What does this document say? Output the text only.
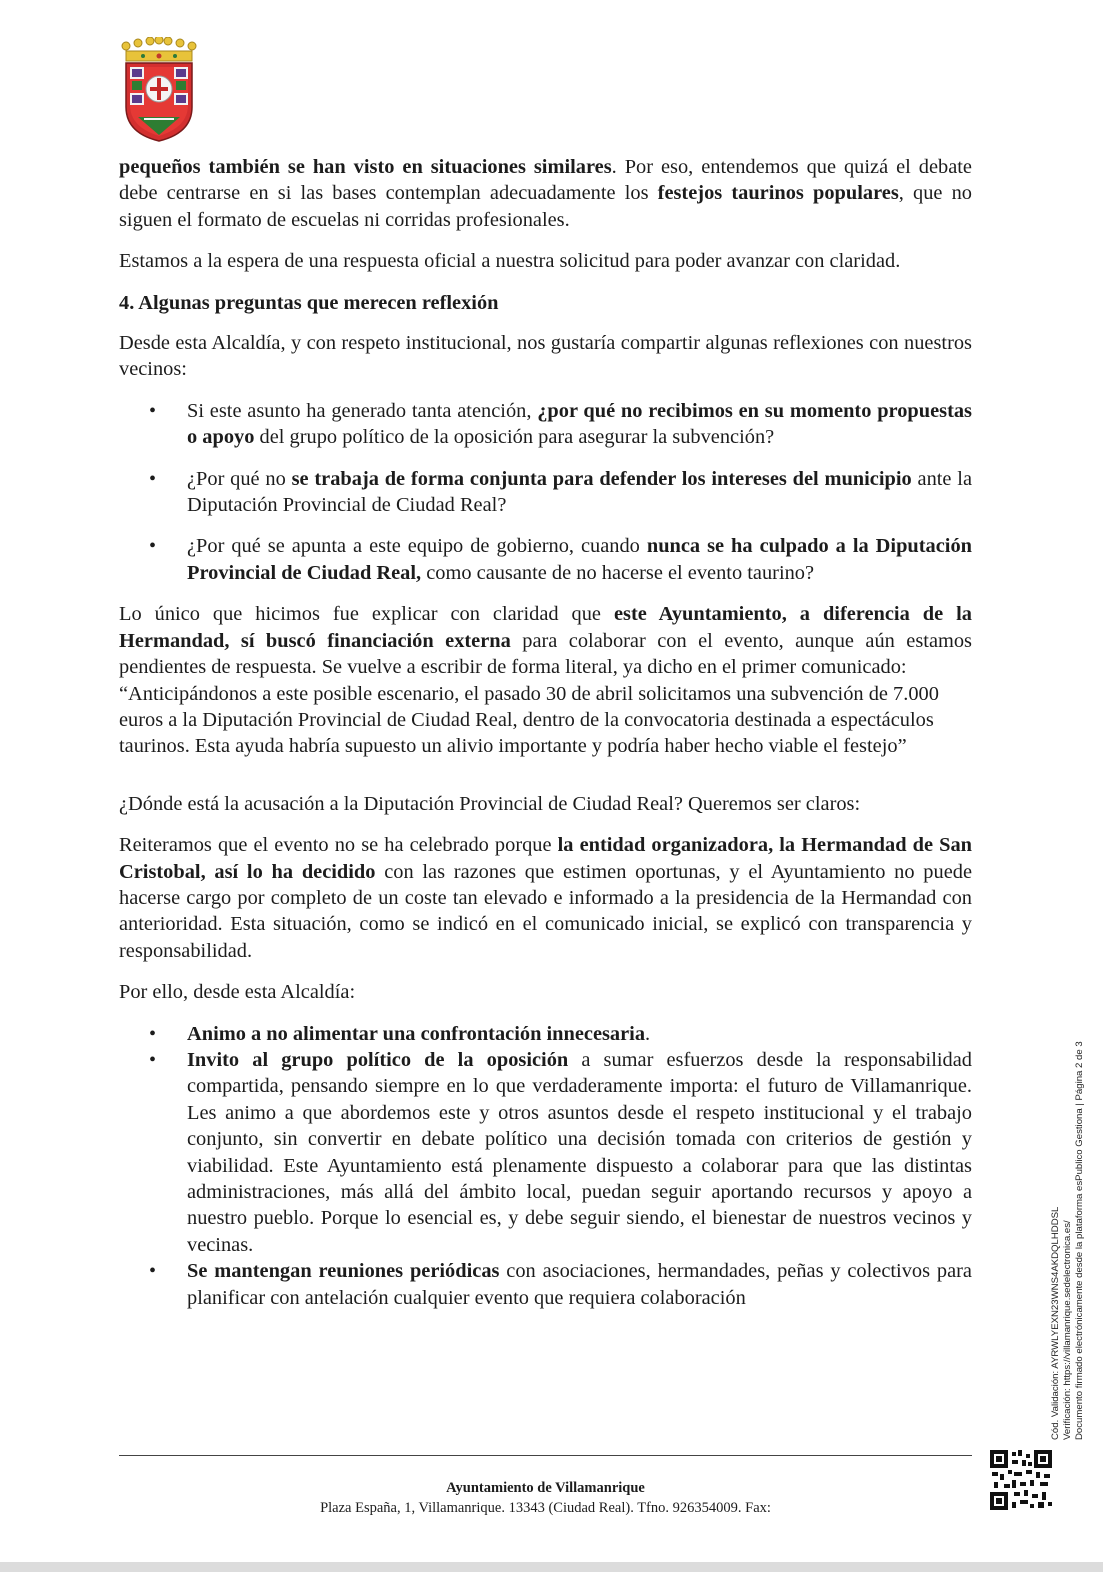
pequeños también se han visto en situaciones similares. Por eso, entendemos que quizá el debate debe centrarse en si las bases contemplan adecuadamente los festejos taurinos populares, que no siguen el formato de escuelas ni corridas profesionales.

Estamos a la espera de una respuesta oficial a nuestra solicitud para poder avanzar con claridad.

4. Algunas preguntas que merecen reflexión

Desde esta Alcaldía, y con respeto institucional, nos gustaría compartir algunas reflexiones con nuestros vecinos:

• Si este asunto ha generado tanta atención, ¿por qué no recibimos en su momento propuestas o apoyo del grupo político de la oposición para asegurar la subvención?
• ¿Por qué no se trabaja de forma conjunta para defender los intereses del municipio ante la Diputación Provincial de Ciudad Real?
• ¿Por qué se apunta a este equipo de gobierno, cuando nunca se ha culpado a la Diputación Provincial de Ciudad Real, como causante de no hacerse el evento taurino?

Lo único que hicimos fue explicar con claridad que este Ayuntamiento, a diferencia de la Hermandad, sí buscó financiación externa para colaborar con el evento, aunque aún estamos pendientes de respuesta. Se vuelve a escribir de forma literal, ya dicho en el primer comunicado:

“Anticipándonos a este posible escenario, el pasado 30 de abril solicitamos una subvención de 7.000 euros a la Diputación Provincial de Ciudad Real, dentro de la convocatoria destinada a espectáculos taurinos. Esta ayuda habría supuesto un alivio importante y podría haber hecho viable el festejo”

¿Dónde está la acusación a la Diputación Provincial de Ciudad Real? Queremos ser claros:

Reiteramos que el evento no se ha celebrado porque la entidad organizadora, la Hermandad de San Cristobal, así lo ha decidido con las razones que estimen oportunas, y el Ayuntamiento no puede hacerse cargo por completo de un coste tan elevado e informado a la presidencia de la Hermandad con anterioridad. Esta situación, como se indicó en el comunicado inicial, se explicó con transparencia y responsabilidad.

Por ello, desde esta Alcaldía:

• Animo a no alimentar una confrontación innecesaria.
• Invito al grupo político de la oposición a sumar esfuerzos desde la responsabilidad compartida, pensando siempre en lo que verdaderamente importa: el futuro de Villamanrique. Les animo a que abordemos este y otros asuntos desde el respeto institucional y el trabajo conjunto, sin convertir en debate político una decisión tomada con criterios de gestión y viabilidad. Este Ayuntamiento está plenamente dispuesto a colaborar para que las distintas administraciones, más allá del ámbito local, puedan seguir aportando recursos y apoyo a nuestro pueblo. Porque lo esencial es, y debe seguir siendo, el bienestar de nuestros vecinos y vecinas.
• Se mantengan reuniones periódicas con asociaciones, hermandades, peñas y colectivos para planificar con antelación cualquier evento que requiera colaboración
Ayuntamiento de Villamanrique
Plaza España, 1, Villamanrique. 13343 (Ciudad Real). Tfno. 926354009. Fax:
Cód. Validación: AYRWLYEXN23WNS4AKDQLHDDSL Verificación: https://villamanrique.sedelectronica.es/ Documento firmado electrónicamente desde la plataforma esPublico Gestiona | Página 2 de 3
